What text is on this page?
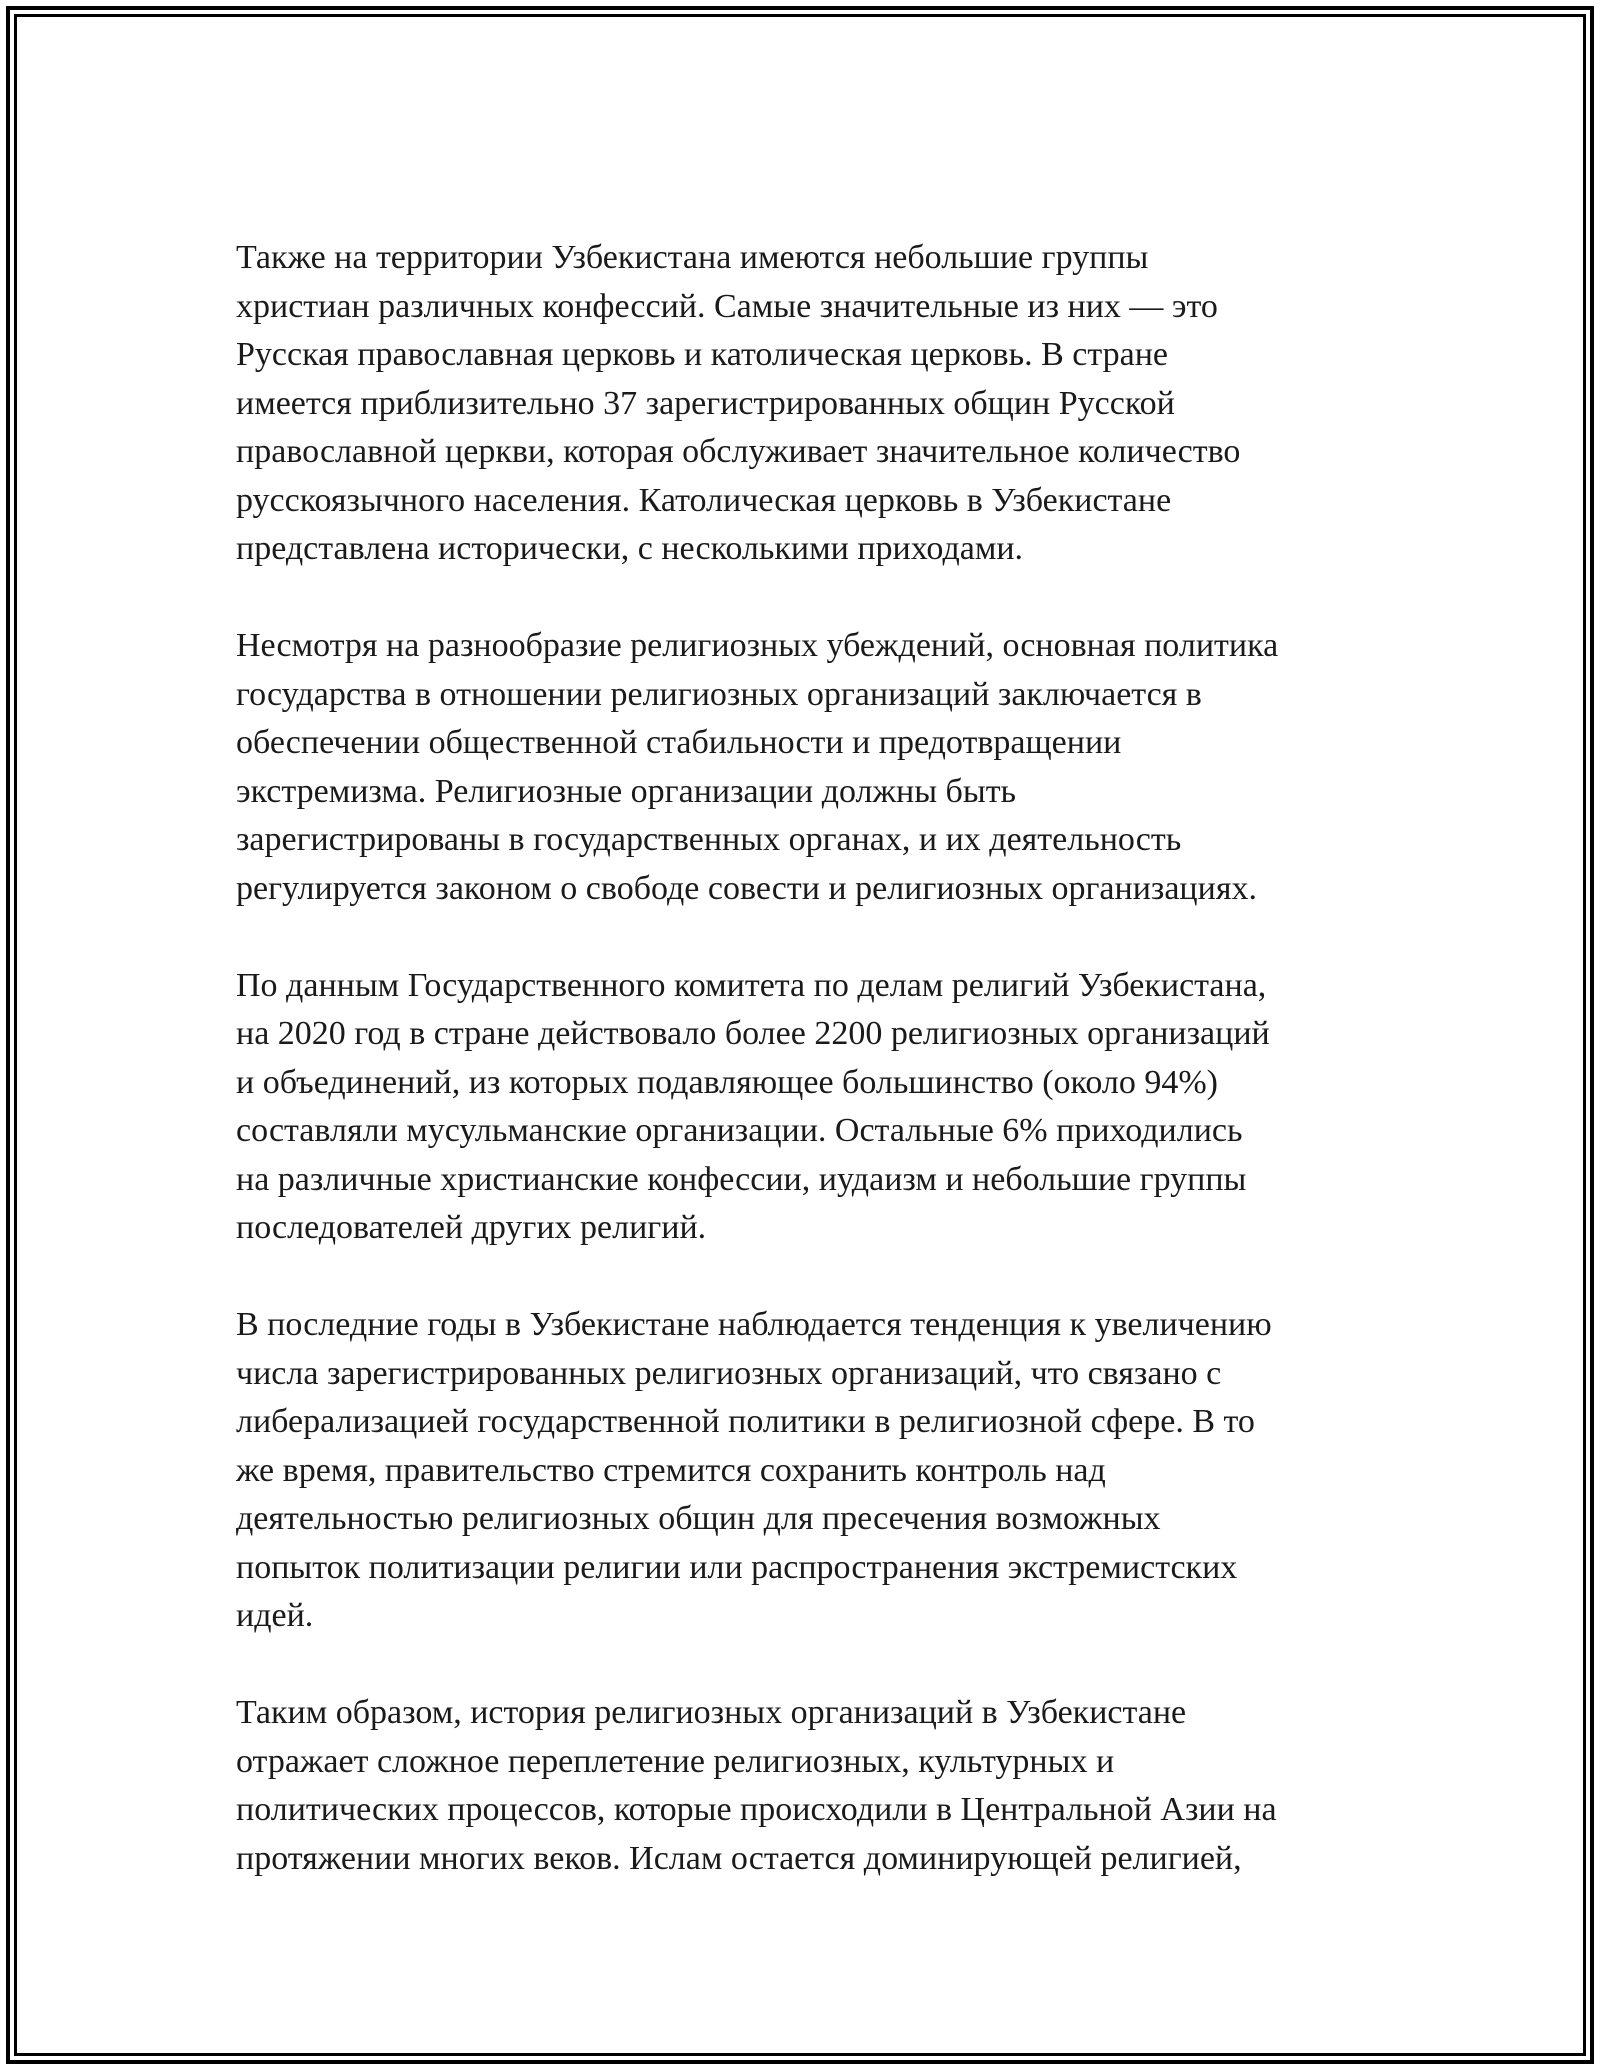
Также на территории Узбекистана имеются небольшие группы
христиан различных конфессий. Самые значительные из них — это
Русская православная церковь и католическая церковь. В стране
имеется приблизительно 37 зарегистрированных общин Русской
православной церкви, которая обслуживает значительное количество
русскоязычного населения. Католическая церковь в Узбекистане
представлена исторически, с несколькими приходами.

Несмотря на разнообразие религиозных убеждений, основная политика
государства в отношении религиозных организаций заключается в
обеспечении общественной стабильности и предотвращении
экстремизма. Религиозные организации должны быть
зарегистрированы в государственных органах, и их деятельность
регулируется законом о свободе совести и религиозных организациях.

По данным Государственного комитета по делам религий Узбекистана,
на 2020 год в стране действовало более 2200 религиозных организаций
и объединений, из которых подавляющее большинство (около 94%)
составляли мусульманские организации. Остальные 6% приходились
на различные христианские конфессии, иудаизм и небольшие группы
последователей других религий.

В последние годы в Узбекистане наблюдается тенденция к увеличению
числа зарегистрированных религиозных организаций, что связано с
либерализацией государственной политики в религиозной сфере. В то
же время, правительство стремится сохранить контроль над
деятельностью религиозных общин для пресечения возможных
попыток политизации религии или распространения экстремистских
идей.

Таким образом, история религиозных организаций в Узбекистане
отражает сложное переплетение религиозных, культурных и
политических процессов, которые происходили в Центральной Азии на
протяжении многих веков. Ислам остается доминирующей религией,
